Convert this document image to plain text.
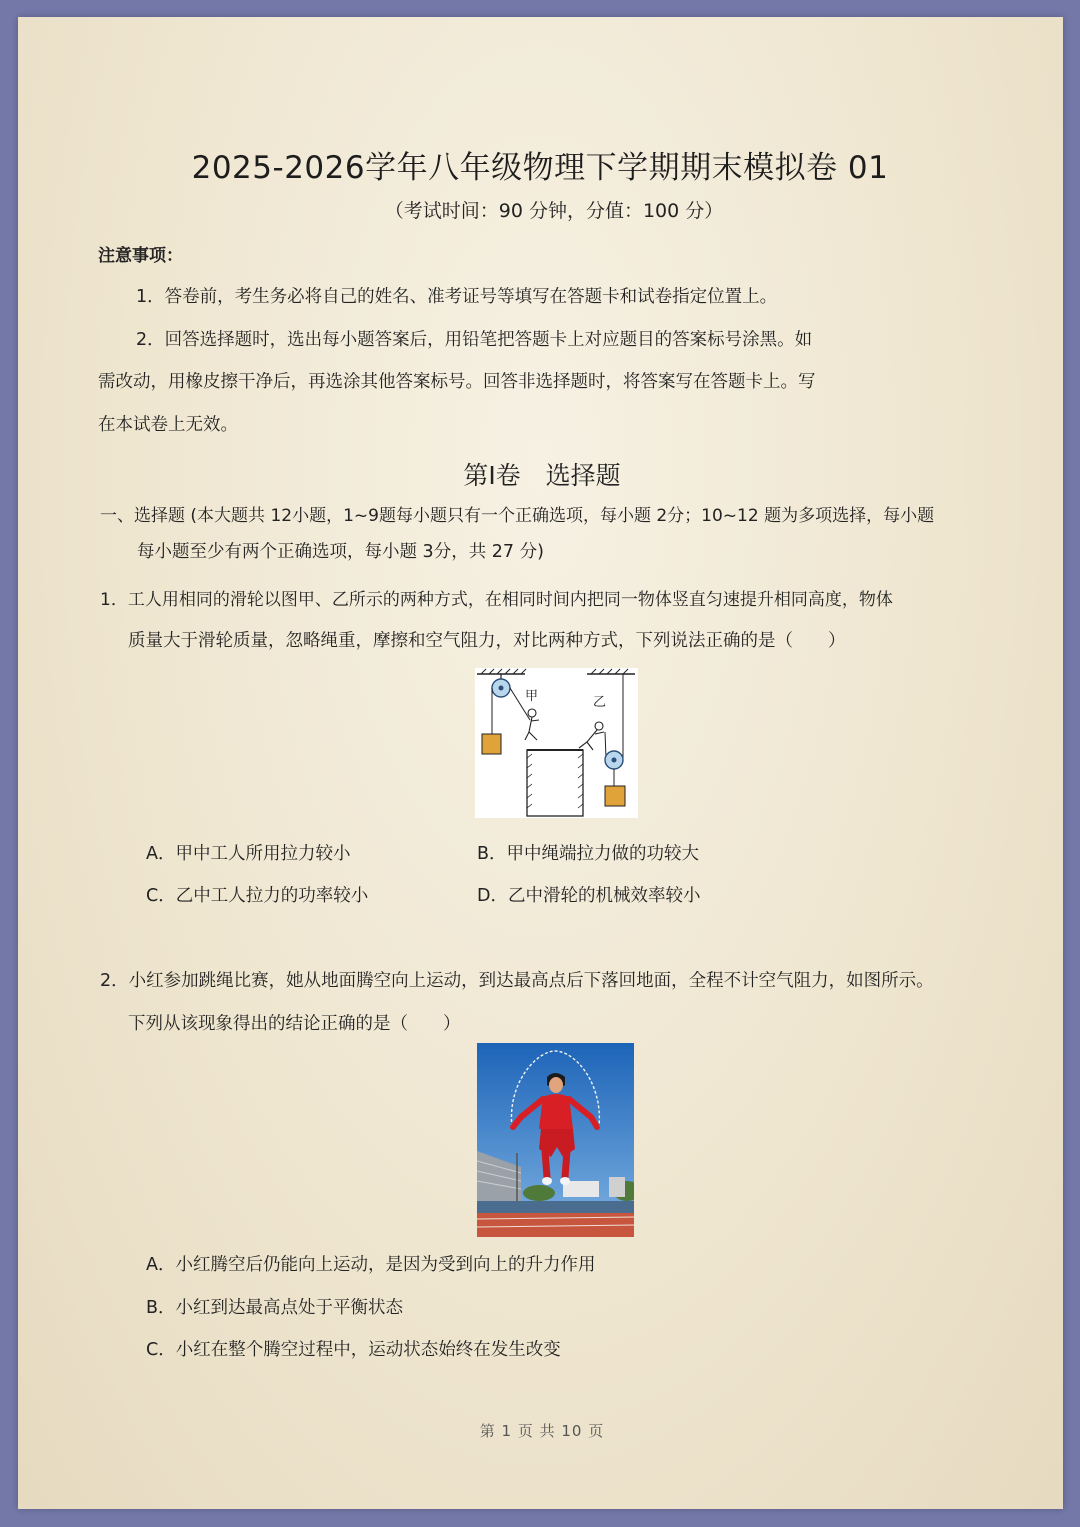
2025-2026学年八年级物理下学期期末模拟卷 01
（考试时间：90 分钟，分值：100 分）
注意事项：
1．答卷前，考生务必将自己的姓名、准考证号等填写在答题卡和试卷指定位置上。
2．回答选择题时，选出每小题答案后，用铅笔把答题卡上对应题目的答案标号涂黑。如
需改动，用橡皮擦干净后，再选涂其他答案标号。回答非选择题时，将答案写在答题卡上。写
在本试卷上无效。
第Ⅰ卷　选择题
一、选择题 (本大题共 12小题，1~9题每小题只有一个正确选项，每小题 2分；10~12 题为多项选择，每小题
每小题至少有两个正确选项，每小题 3分，共 27 分)
1．工人用相同的滑轮以图甲、乙所示的两种方式，在相同时间内把同一物体竖直匀速提升相同高度，物体
质量大于滑轮质量，忽略绳重，摩擦和空气阻力，对比两种方式，下列说法正确的是（　　）
甲	乙
A．甲中工人所用拉力较小	B．甲中绳端拉力做的功较大
C．乙中工人拉力的功率较小	D．乙中滑轮的机械效率较小
2．小红参加跳绳比赛，她从地面腾空向上运动，到达最高点后下落回地面，全程不计空气阻力，如图所示。
下列从该现象得出的结论正确的是（　　）
A．小红腾空后仍能向上运动，是因为受到向上的升力作用
B．小红到达最高点处于平衡状态
C．小红在整个腾空过程中，运动状态始终在发生改变
第 1 页 共 10 页
